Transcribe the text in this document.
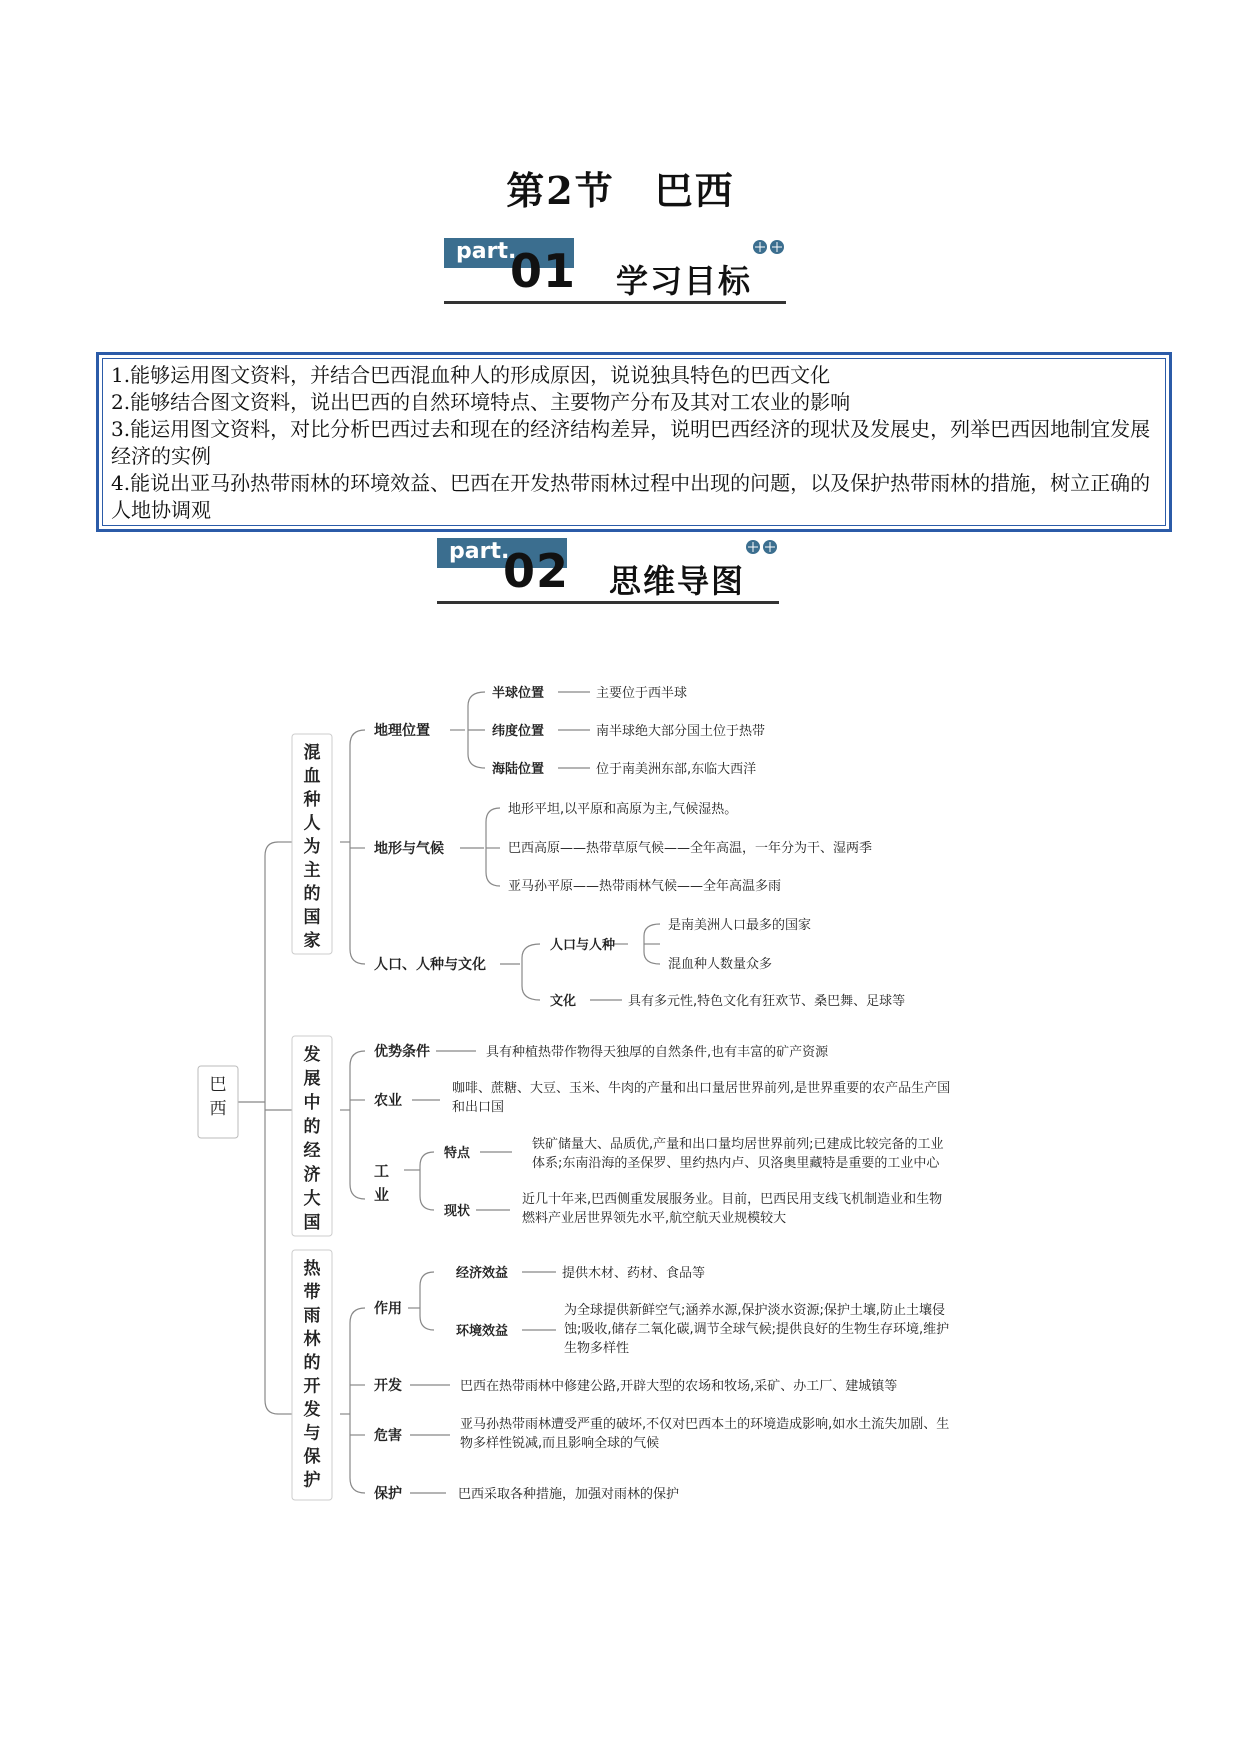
第2节 巴西
part.
01 学习目标
1.能够运用图文资料，并结合巴西混血种人的形成原因，说说独具特色的巴西文化
2.能够结合图文资料，说出巴西的自然环境特点、主要物产分布及其对工农业的影响
3.能运用图文资料，对比分析巴西过去和现在的经济结构差异，说明巴西经济的现状及发展史，列举巴西因地制宜发展经济的实例
4.能说出亚马孙热带雨林的环境效益、巴西在开发热带雨林过程中出现的问题，以及保护热带雨林的措施，树立正确的人地协调观
part.
02 思维导图
巴
西
混
血
种
人
为
主
的
国
家
发
展
中
的
经
济
大
国
热
带
雨
林
的
开
发
与
保
护
地理位置
半球位置
纬度位置
海陆位置
主要位于西半球
南半球绝大部分国土位于热带
位于南美洲东部,东临大西洋
地形与气候
地形平坦,以平原和高原为主,气候湿热。
巴西高原——热带草原气候——全年高温，一年分为干、湿两季
亚马孙平原——热带雨林气候——全年高温多雨
人口、人种与文化
人口与人种
是南美洲人口最多的国家
混血种人数量众多
文化	具有多元性,特色文化有狂欢节、桑巴舞、足球等
优势条件	具有种植热带作物得天独厚的自然条件,也有丰富的矿产资源
农业
咖啡、蔗糖、大豆、玉米、牛肉的产量和出口量居世界前列,是世界重要的农产品生产国
和出口国
工
业
特点
铁矿储量大、品质优,产量和出口量均居世界前列;已建成比较完备的工业
体系;东南沿海的圣保罗、里约热内卢、贝洛奥里藏特是重要的工业中心
现状
近几十年来,巴西侧重发展服务业。目前，巴西民用支线飞机制造业和生物
燃料产业居世界领先水平,航空航天业规模较大
作用
经济效益	提供木材、药材、食品等
环境效益
为全球提供新鲜空气;涵养水源,保护淡水资源;保护土壤,防止土壤侵
蚀;吸收,储存二氧化碳,调节全球气候;提供良好的生物生存环境,维护
生物多样性
开发	巴西在热带雨林中修建公路,开辟大型的农场和牧场,采矿、办工厂、建城镇等
危害
亚马孙热带雨林遭受严重的破坏,不仅对巴西本土的环境造成影响,如水土流失加剧、生
物多样性锐减,而且影响全球的气候
保护	巴西采取各种措施，加强对雨林的保护
